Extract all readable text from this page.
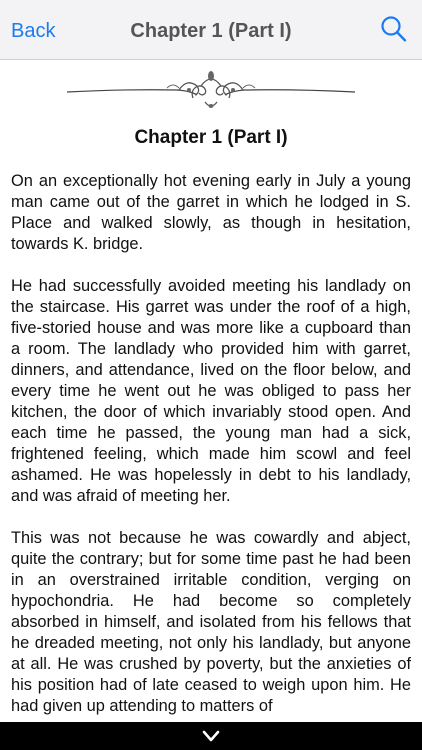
Back	Chapter 1 (Part I)
Chapter 1 (Part I)

On an exceptionally hot evening early in July a young man came out of the garret in which he lodged in S. Place and walked slowly, as though in hesitation, towards K. bridge.

He had successfully avoided meeting his landlady on the staircase. His garret was under the roof of a high, five-storied house and was more like a cupboard than a room. The landlady who provided him with garret, dinners, and attendance, lived on the floor below, and every time he went out he was obliged to pass her kitchen, the door of which invariably stood open. And each time he passed, the young man had a sick, frightened feeling, which made him scowl and feel ashamed. He was hopelessly in debt to his landlady, and was afraid of meeting her.

This was not because he was cowardly and abject, quite the contrary; but for some time past he had been in an overstrained irritable condition, verging on hypochondria. He had become so completely absorbed in himself, and isolated from his fellows that he dreaded meeting, not only his landlady, but anyone at all. He was crushed by poverty, but the anxieties of his position had of late ceased to weigh upon him. He had given up attending to matters of
